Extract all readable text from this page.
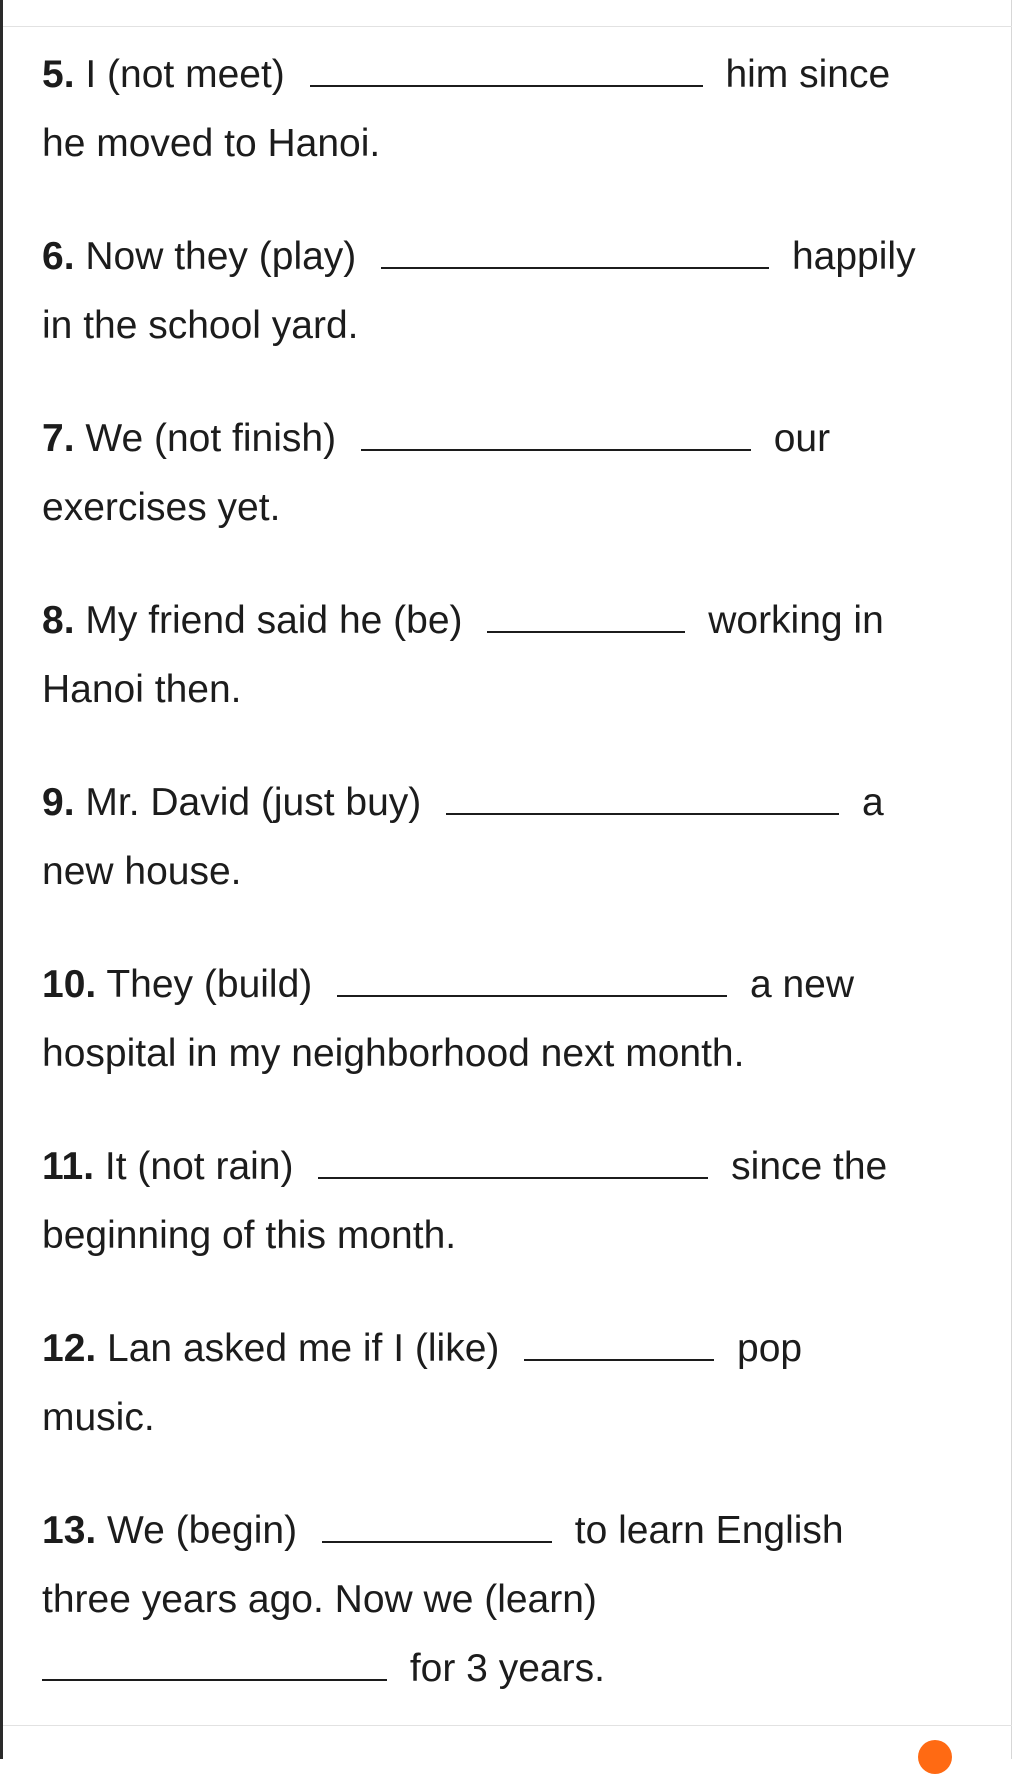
5. I (not meet)	him since
he moved to Hanoi.
6. Now they (play)	happily
in the school yard.
7. We (not finish)	our
exercises yet.
8. My friend said he (be)	working in
Hanoi then.
9. Mr. David (just buy)	a
new house.
10. They (build)	a new
hospital in my neighborhood next month.
11. It (not rain)	since the
beginning of this month.
12. Lan asked me if I (like)	pop
music.
13. We (begin)	to learn English
three years ago. Now we (learn)
for 3 years.
